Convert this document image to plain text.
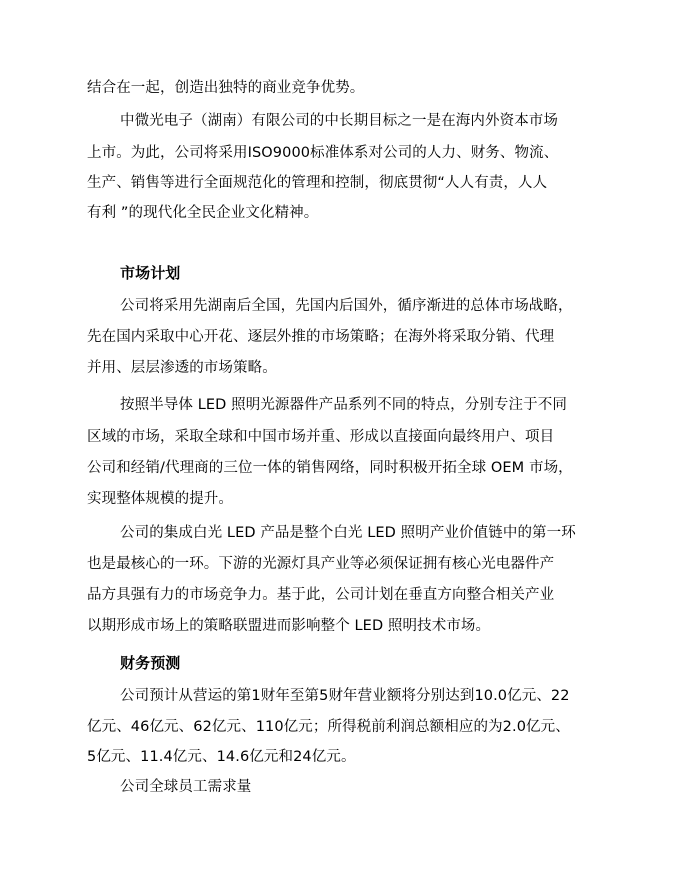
结合在一起，创造出独特的商业竞争优势。
中微光电子（湖南）有限公司的中长期目标之一是在海内外资本市场
上市。为此，公司将采用ISO9000标准体系对公司的人力、财务、物流、
生产、销售等进行全面规范化的管理和控制，彻底贯彻“人人有责，人人
有利 ”的现代化全民企业文化精神。
市场计划
公司将采用先湖南后全国，先国内后国外，循序渐进的总体市场战略，
先在国内采取中心开花、逐层外推的市场策略；在海外将采取分销、代理
并用、层层渗透的市场策略。
按照半导体 LED 照明光源器件产品系列不同的特点，分别专注于不同
区域的市场，采取全球和中国市场并重、形成以直接面向最终用户、项目
公司和经销/代理商的三位一体的销售网络，同时积极开拓全球 OEM 市场，
实现整体规模的提升。
公司的集成白光 LED 产品是整个白光 LED 照明产业价值链中的第一环
也是最核心的一环。下游的光源灯具产业等必须保证拥有核心光电器件产
品方具强有力的市场竞争力。基于此，公司计划在垂直方向整合相关产业
以期形成市场上的策略联盟进而影响整个 LED 照明技术市场。
财务预测
公司预计从营运的第1财年至第5财年营业额将分别达到10.0亿元、22
亿元、46亿元、62亿元、110亿元；所得税前利润总额相应的为2.0亿元、
5亿元、11.4亿元、14.6亿元和24亿元。
公司全球员工需求量
